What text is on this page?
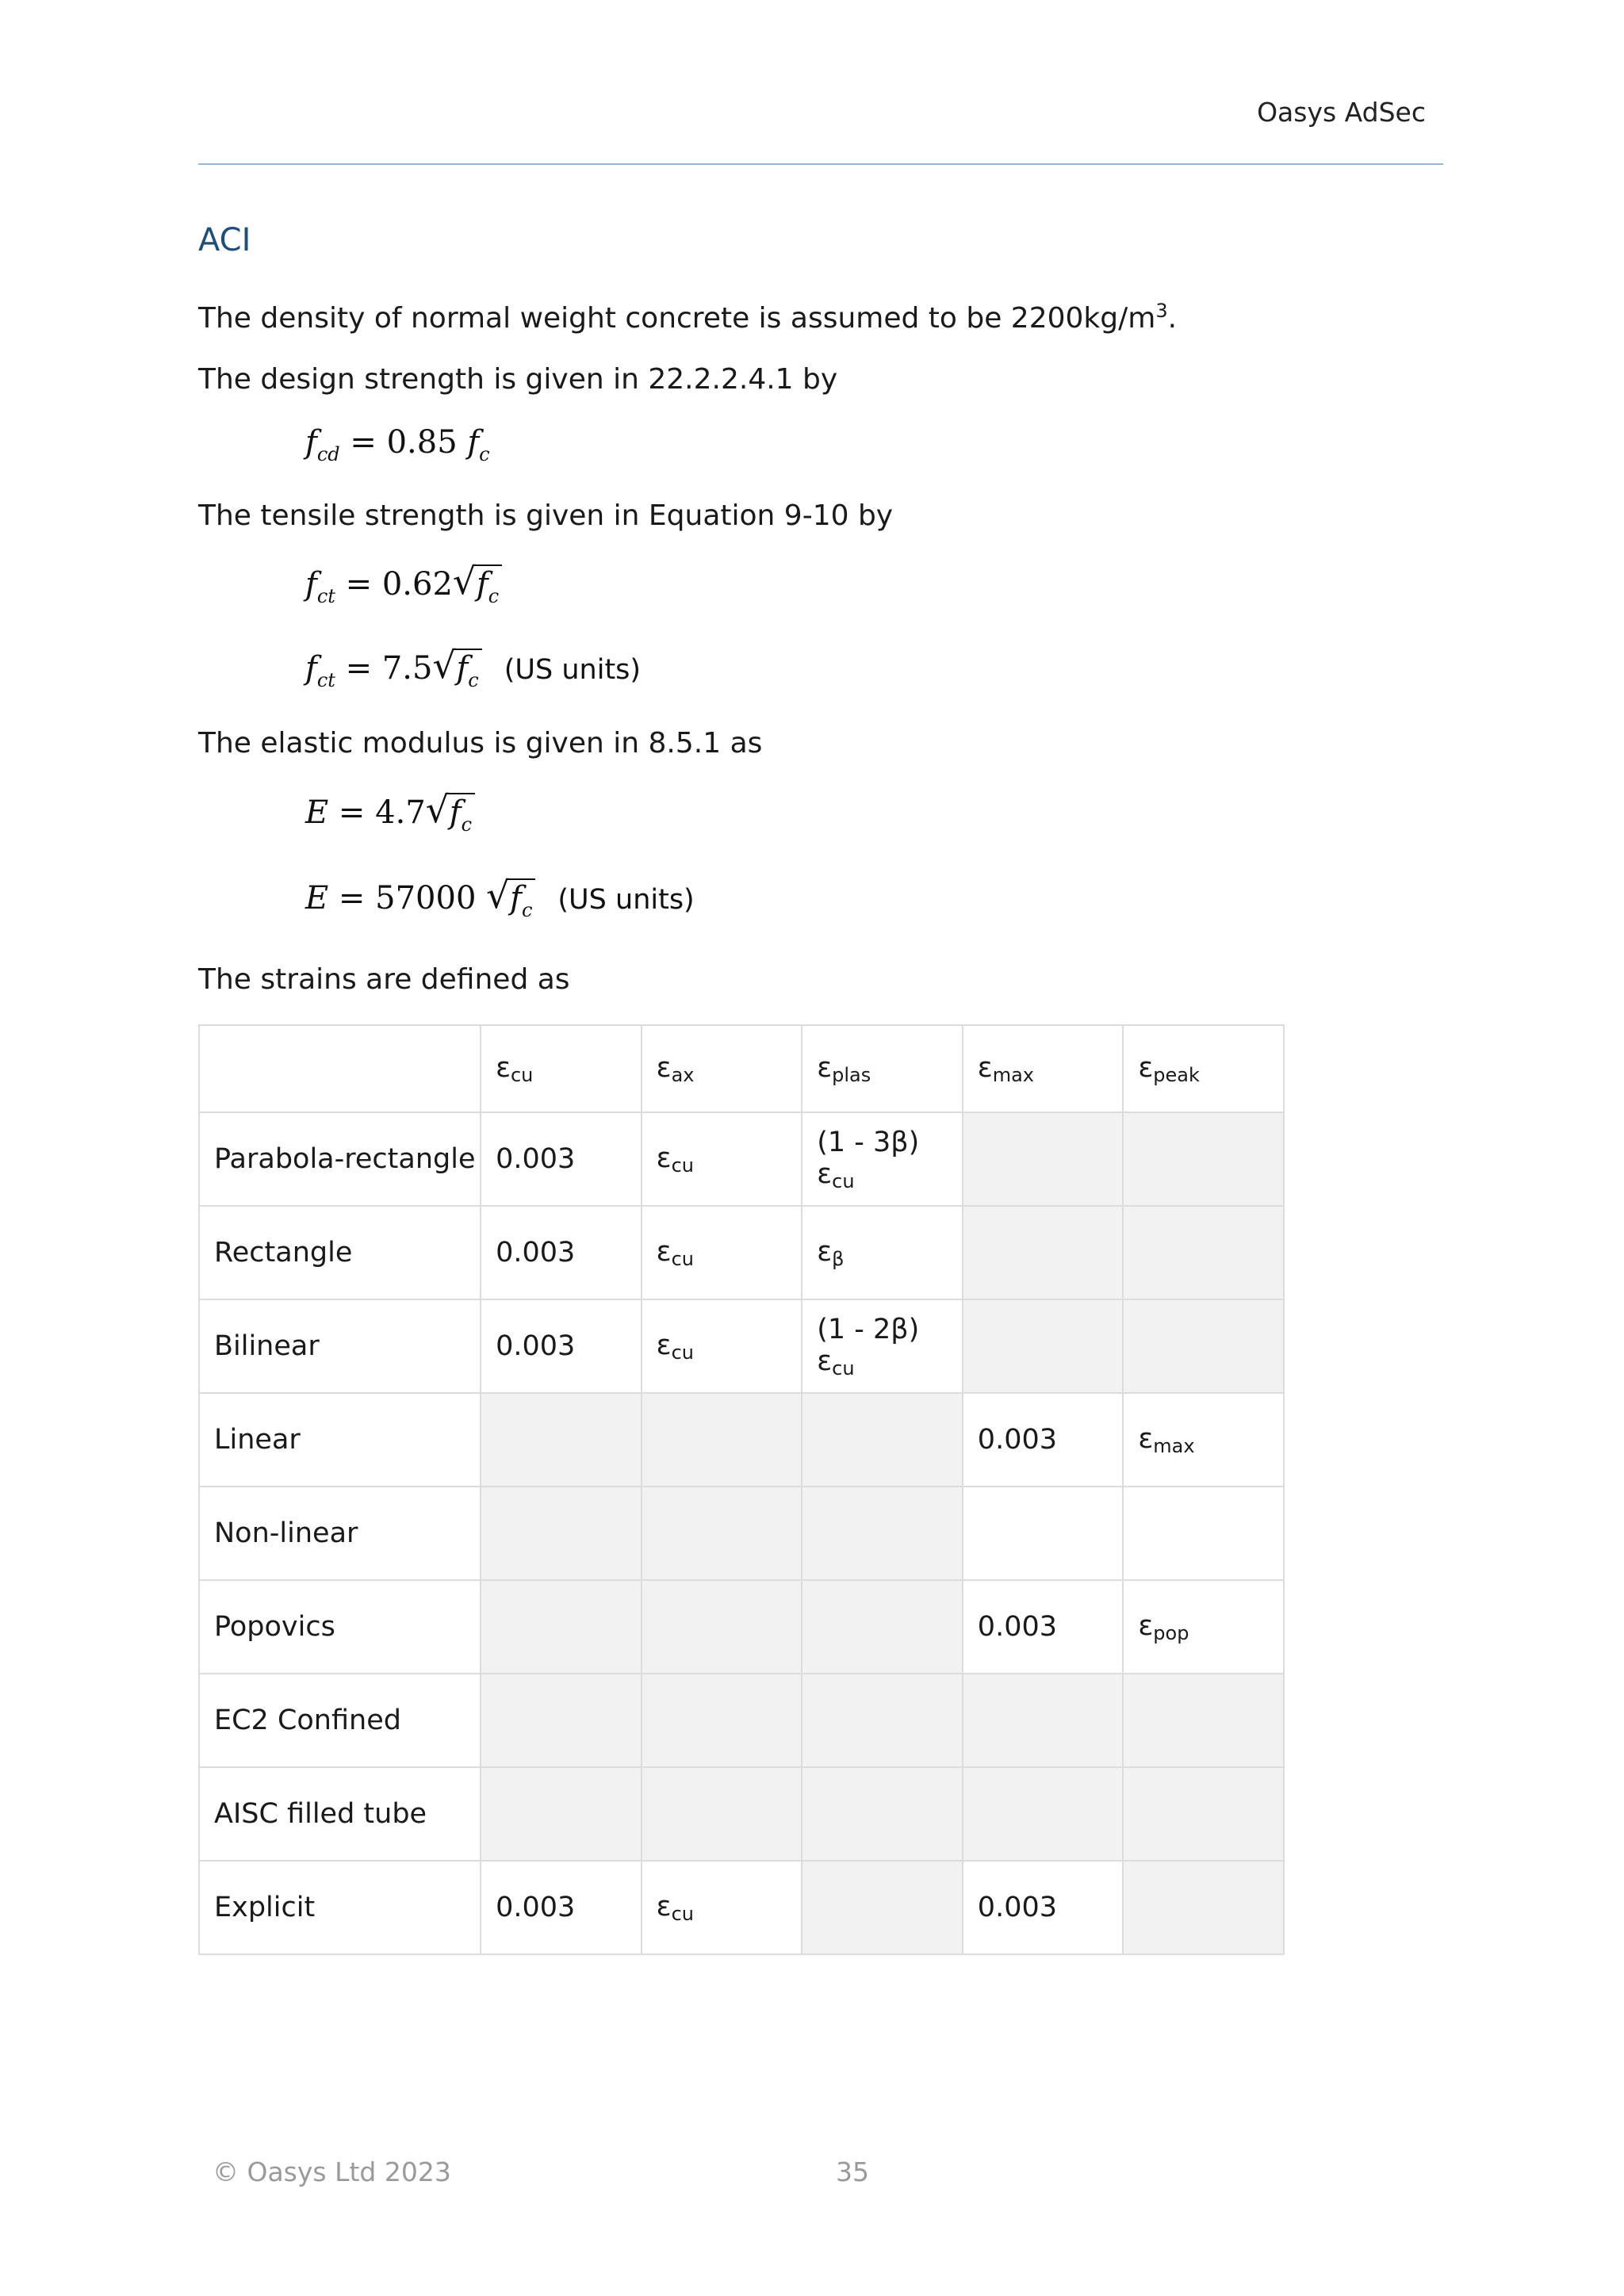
Oasys AdSec
ACI

The density of normal weight concrete is assumed to be $2200kg/m^3$.

The design strength is given in 22.2.2.4.1 by

$f_{cd} = 0.85$ $f_c$

The tensile strength is given in Equation 9-10 by

$f_{ct} = 0.62$ √ $f_c$
$f_{ct} = 7.5$ √ $f_c$ (US units)

The elastic modulus is given in 8.5.1 as

E = 4.7 √ $f_c$
E = 57000 √ $f_c$ (US units)

The strains are defined as

	$\varepsilon_{cu}$	$\varepsilon_{ax}$	$\varepsilon_{plas}$	$\varepsilon_{max}$	$\varepsilon_{peak}$
Parabola-rectangle	0.003	$\varepsilon_{cu}$	(1 - 3β) $\varepsilon_{cu}$		
Rectangle	0.003	$\varepsilon_{cu}$	$\varepsilon_\beta$		
Bilinear	0.003	$\varepsilon_{cu}$	(1 - 2β) $\varepsilon_{cu}$		
Linear				0.003	$\varepsilon_{max}$
Non-linear					
Popovics				0.003	$\varepsilon_{pop}$
EC2 Confined					
AISC filled tube					
Explicit	0.003	$\varepsilon_{cu}$		0.003	
© Oasys Ltd 2023	35
